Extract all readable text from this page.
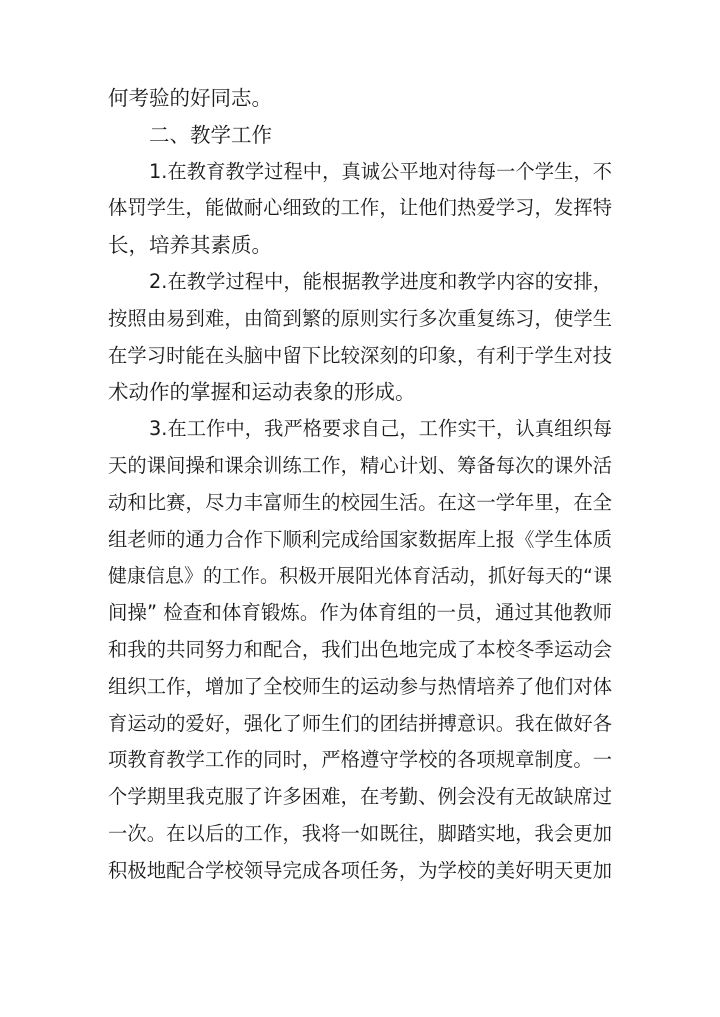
何考验的好同志。
二、教学工作
1.在教育教学过程中，真诚公平地对待每一个学生，不
体罚学生，能做耐心细致的工作，让他们热爱学习，发挥特
长，培养其素质。
2.在教学过程中，能根据教学进度和教学内容的安排，
按照由易到难，由简到繁的原则实行多次重复练习，使学生
在学习时能在头脑中留下比较深刻的印象，有利于学生对技
术动作的掌握和运动表象的形成。
3.在工作中，我严格要求自己，工作实干，认真组织每
天的课间操和课余训练工作，精心计划、筹备每次的课外活
动和比赛，尽力丰富师生的校园生活。在这一学年里，在全
组老师的通力合作下顺利完成给国家数据库上报《学生体质
健康信息》的工作。积极开展阳光体育活动，抓好每天的“课
间操” 检查和体育锻炼。作为体育组的一员，通过其他教师
和我的共同努力和配合，我们出色地完成了本校冬季运动会
组织工作，增加了全校师生的运动参与热情培养了他们对体
育运动的爱好，强化了师生们的团结拼搏意识。我在做好各
项教育教学工作的同时，严格遵守学校的各项规章制度。一
个学期里我克服了许多困难，在考勤、例会没有无故缺席过
一次。在以后的工作，我将一如既往，脚踏实地，我会更加
积极地配合学校领导完成各项任务，为学校的美好明天更加
